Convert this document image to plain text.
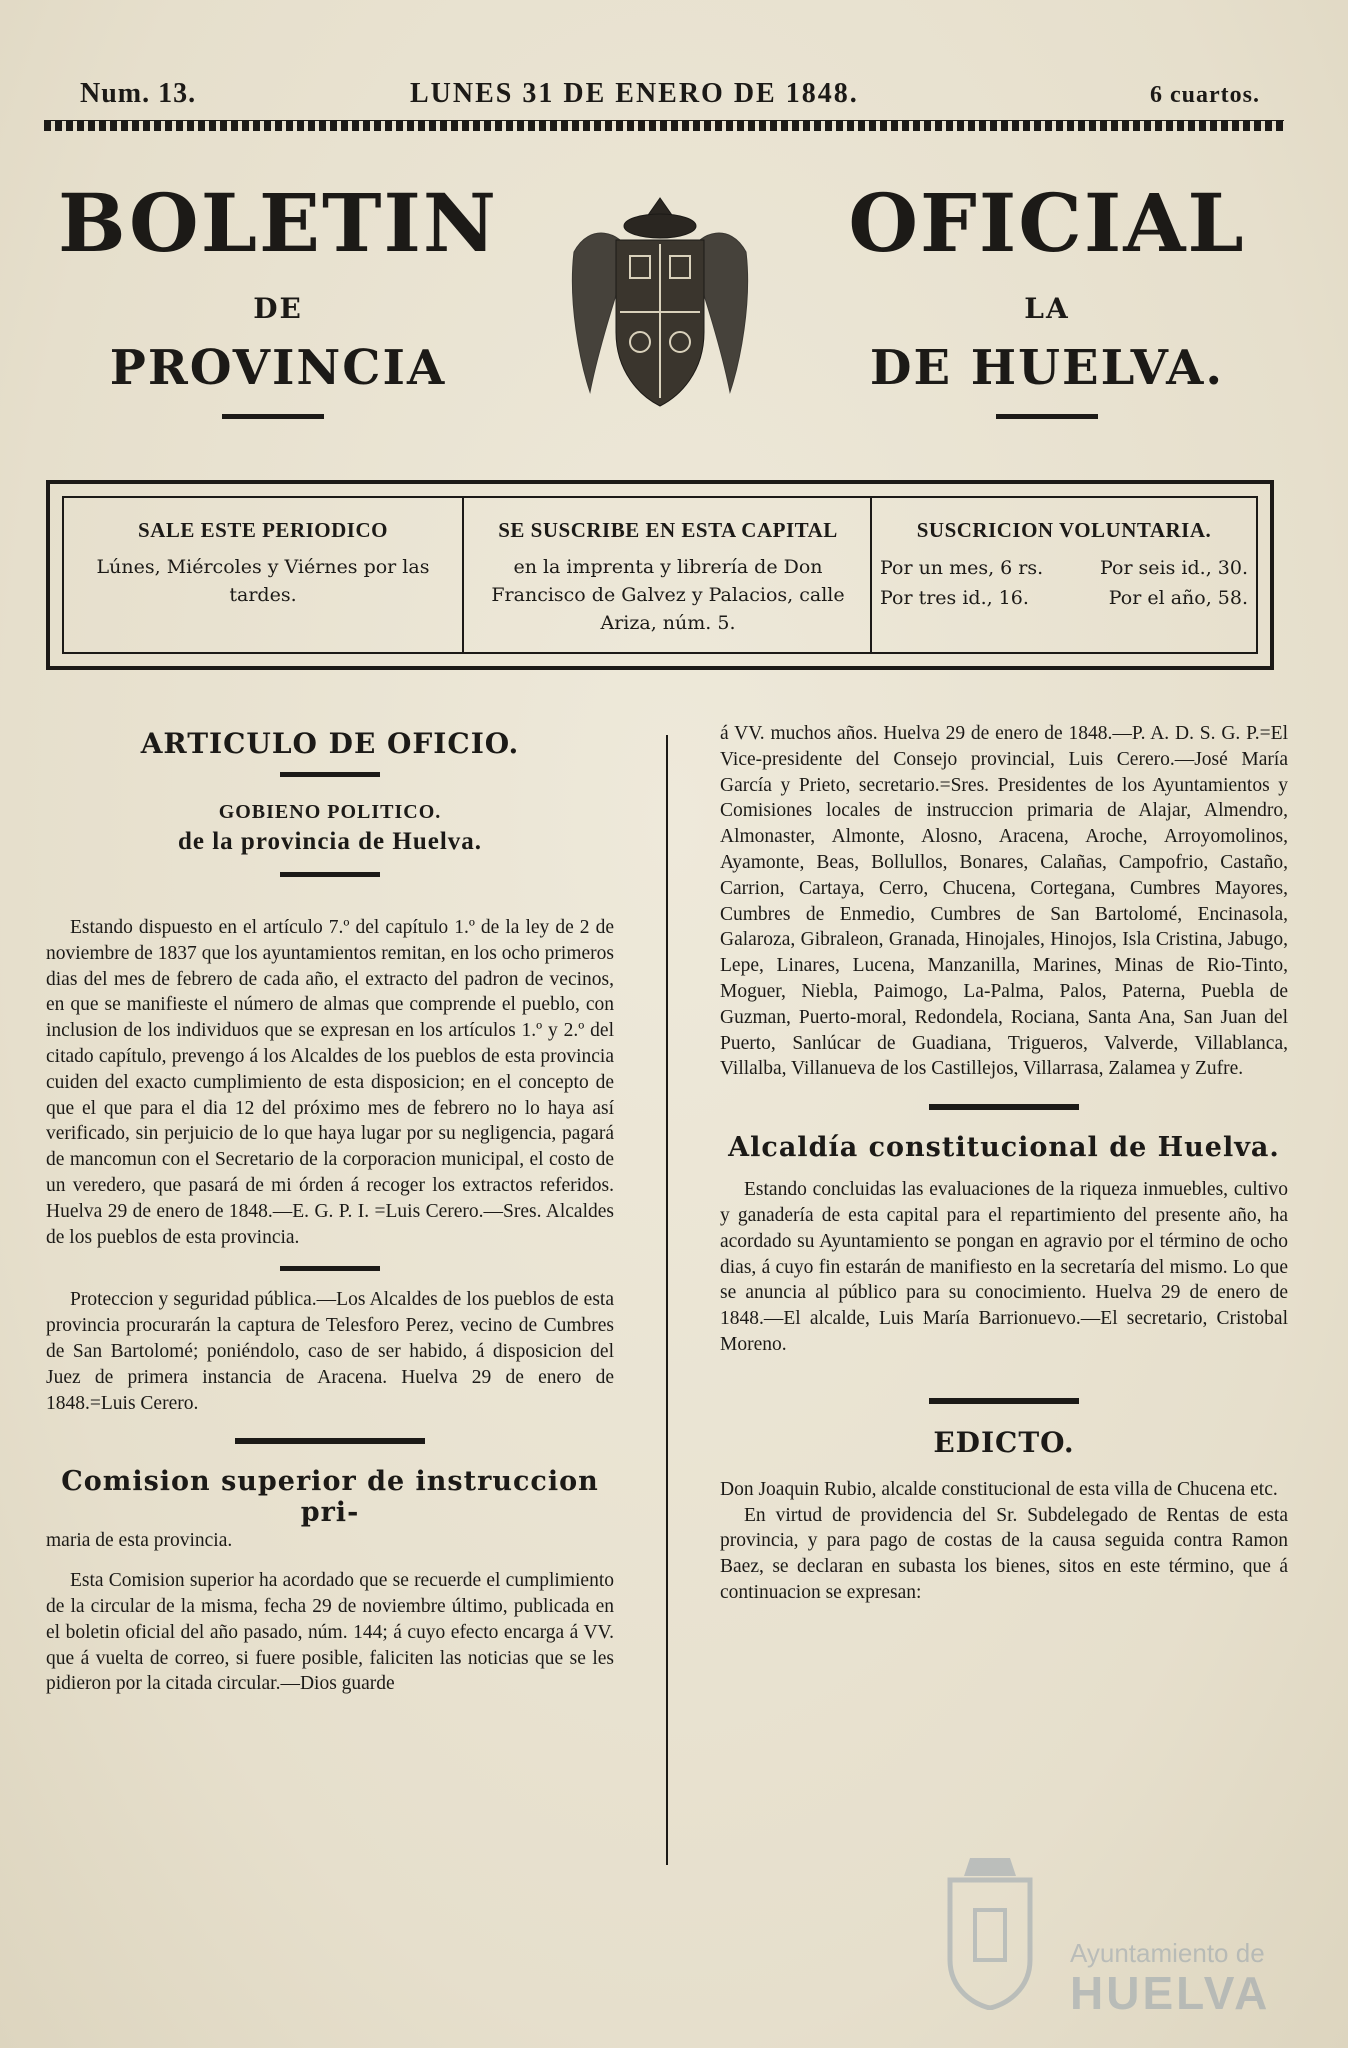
Num. 13.	LUNES 31 DE ENERO DE 1848.	6 cuartos.
BOLETIN	OFICIAL
DE	LA
PROVINCIA	DE HUELVA.
SALE ESTE PERIODICO

Lúnes, Miércoles y Viérnes por las tardes.

SE SUSCRIBE EN ESTA CAPITAL

en la imprenta y librería de Don Francisco de Galvez y Palacios, calle Ariza, núm. 5.

SUSCRICION VOLUNTARIA.
Por un mes, 6 rs.	Por seis id., 30.
Por tres id., 16.	Por el año, 58.
ARTICULO DE OFICIO.
GOBIENO POLITICO.
de la provincia de Huelva.

Estando dispuesto en el artículo 7.º del capítulo 1.º de la ley de 2 de noviembre de 1837 que los ayuntamientos remitan, en los ocho primeros dias del mes de febrero de cada año, el extracto del padron de vecinos, en que se manifieste el número de almas que comprende el pueblo, con inclusion de los individuos que se expresan en los artículos 1.º y 2.º del citado capítulo, prevengo á los Alcaldes de los pueblos de esta provincia cuiden del exacto cumplimiento de esta disposicion; en el concepto de que el que para el dia 12 del próximo mes de febrero no lo haya así verificado, sin perjuicio de lo que haya lugar por su negligencia, pagará de mancomun con el Secretario de la corporacion municipal, el costo de un veredero, que pasará de mi órden á recoger los extractos referidos. Huelva 29 de enero de 1848.—E. G. P. I. =Luis Cerero.—Sres. Alcaldes de los pueblos de esta provincia.

Proteccion y seguridad pública.—Los Alcaldes de los pueblos de esta provincia procurarán la captura de Telesforo Perez, vecino de Cumbres de San Bartolomé; poniéndolo, caso de ser habido, á disposicion del Juez de primera instancia de Aracena. Huelva 29 de enero de 1848.=Luis Cerero.

Comision superior de instruccion pri-

maria de esta provincia.

Esta Comision superior ha acordado que se recuerde el cumplimiento de la circular de la misma, fecha 29 de noviembre último, publicada en el boletin oficial del año pasado, núm. 144; á cuyo efecto encarga á VV. que á vuelta de correo, si fuere posible, faliciten las noticias que se les pidieron por la citada circular.—Dios guarde

á VV. muchos años. Huelva 29 de enero de 1848.—P. A. D. S. G. P.=El Vice-presidente del Consejo provincial, Luis Cerero.—José María García y Prieto, secretario.=Sres. Presidentes de los Ayuntamientos y Comisiones locales de instruccion primaria de Alajar, Almendro, Almonaster, Almonte, Alosno, Aracena, Aroche, Arroyomolinos, Ayamonte, Beas, Bollullos, Bonares, Calañas, Campofrio, Castaño, Carrion, Cartaya, Cerro, Chucena, Cortegana, Cumbres Mayores, Cumbres de Enmedio, Cumbres de San Bartolomé, Encinasola, Galaroza, Gibraleon, Granada, Hinojales, Hinojos, Isla Cristina, Jabugo, Lepe, Linares, Lucena, Manzanilla, Marines, Minas de Rio-Tinto, Moguer, Niebla, Paimogo, La-Palma, Palos, Paterna, Puebla de Guzman, Puerto-moral, Redondela, Rociana, Santa Ana, San Juan del Puerto, Sanlúcar de Guadiana, Trigueros, Valverde, Villablanca, Villalba, Villanueva de los Castillejos, Villarrasa, Zalamea y Zufre.

Alcaldía constitucional de Huelva.

Estando concluidas las evaluaciones de la riqueza inmuebles, cultivo y ganadería de esta capital para el repartimiento del presente año, ha acordado su Ayuntamiento se pongan en agravio por el término de ocho dias, á cuyo fin estarán de manifiesto en la secretaría del mismo. Lo que se anuncia al público para su conocimiento. Huelva 29 de enero de 1848.—El alcalde, Luis María Barrionuevo.—El secretario, Cristobal Moreno.

EDICTO.

Don Joaquin Rubio, alcalde constitucional de esta villa de Chucena etc.

En virtud de providencia del Sr. Subdelegado de Rentas de esta provincia, y para pago de costas de la causa seguida contra Ramon Baez, se declaran en subasta los bienes, sitos en este término, que á continuacion se expresan:

Ayuntamiento de
HUELVA
